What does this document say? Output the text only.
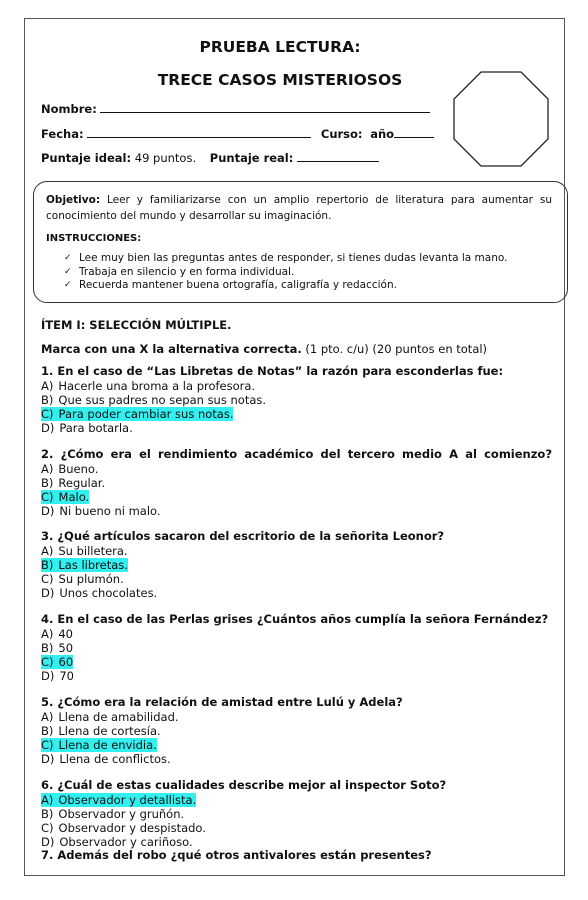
PRUEBA LECTURA:
TRECE CASOS MISTERIOSOS
Nombre:
Fecha:	Curso: año
Puntaje ideal: 49 puntos. Puntaje real:
Objetivo: Leer y familiarizarse con un amplio repertorio de literatura para aumentar su conocimiento del mundo y desarrollar su imaginación.
INSTRUCCIONES:
✓ Lee muy bien las preguntas antes de responder, si tienes dudas levanta la mano.
✓ Trabaja en silencio y en forma individual.
✓ Recuerda mantener buena ortografía, caligrafía y redacción.
ÍTEM I: SELECCIÓN MÚLTIPLE.
Marca con una X la alternativa correcta. (1 pto. c/u) (20 puntos en total)
1. En el caso de “Las Libretas de Notas” la razón para esconderlas fue:
A) Hacerle una broma a la profesora.
B) Que sus padres no sepan sus notas.
C) Para poder cambiar sus notas.
D) Para botarla.
2. ¿Cómo era el rendimiento académico del tercero medio A al comienzo?
A) Bueno.
B) Regular.
C) Malo.
D) Ni bueno ni malo.
3. ¿Qué artículos sacaron del escritorio de la señorita Leonor?
A) Su billetera.
B) Las libretas.
C) Su plumón.
D) Unos chocolates.
4. En el caso de las Perlas grises ¿Cuántos años cumplía la señora Fernández?
A) 40
B) 50
C) 60
D) 70
5. ¿Cómo era la relación de amistad entre Lulú y Adela?
A) Llena de amabilidad.
B) Llena de cortesía.
C) Llena de envidia.
D) Llena de conflictos.
6. ¿Cuál de estas cualidades describe mejor al inspector Soto?
A) Observador y detallista.
B) Observador y gruñón.
C) Observador y despistado.
D) Observador y cariñoso.
7. Además del robo ¿qué otros antivalores están presentes?
